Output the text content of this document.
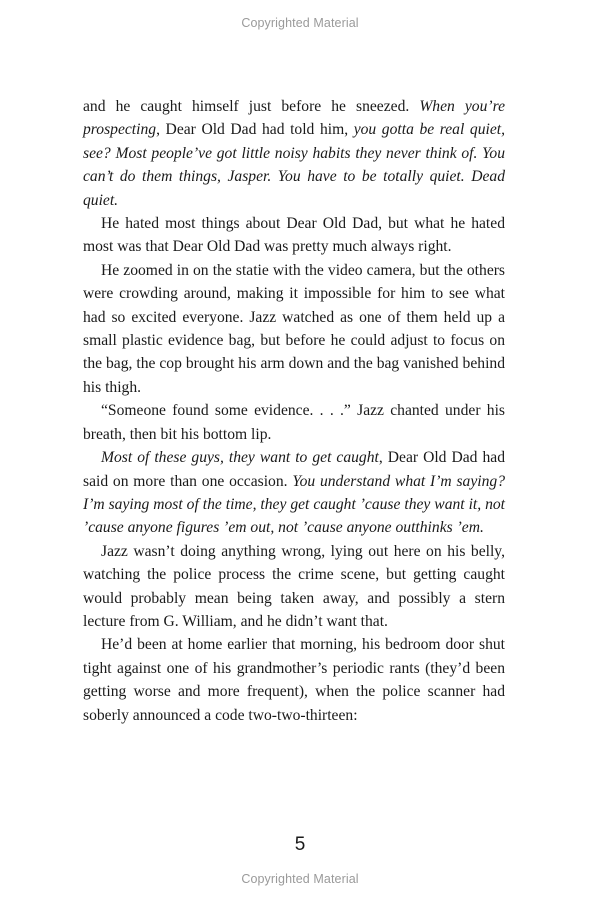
Copyrighted Material

and he caught himself just before he sneezed. When you’re prospecting, Dear Old Dad had told him, you gotta be real quiet, see? Most people’ve got little noisy habits they never think of. You can’t do them things, Jasper. You have to be totally quiet. Dead quiet.

He hated most things about Dear Old Dad, but what he hated most was that Dear Old Dad was pretty much always right.

He zoomed in on the statie with the video camera, but the others were crowding around, making it impossible for him to see what had so excited everyone. Jazz watched as one of them held up a small plastic evidence bag, but before he could adjust to focus on the bag, the cop brought his arm down and the bag vanished behind his thigh.

“Someone found some evidence. . . .” Jazz chanted under his breath, then bit his bottom lip.

Most of these guys, they want to get caught, Dear Old Dad had said on more than one occasion. You understand what I’m saying? I’m saying most of the time, they get caught ’cause they want it, not ’cause anyone figures ’em out, not ’cause anyone outthinks ’em.

Jazz wasn’t doing anything wrong, lying out here on his belly, watching the police process the crime scene, but getting caught would probably mean being taken away, and possibly a stern lecture from G. William, and he didn’t want that.

He’d been at home earlier that morning, his bedroom door shut tight against one of his grandmother’s periodic rants (they’d been getting worse and more frequent), when the police scanner had soberly announced a code two-two-thirteen:

5
Copyrighted Material
